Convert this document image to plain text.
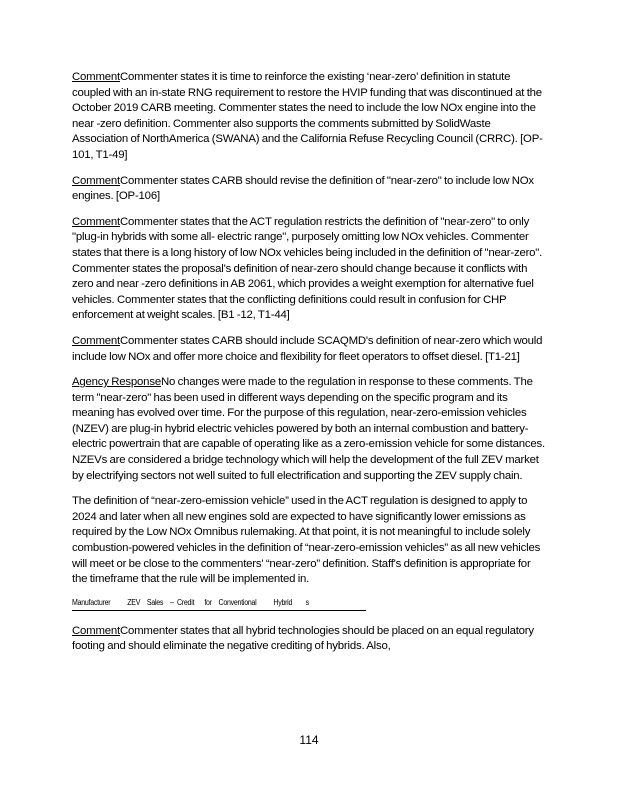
CommentCommenter states it is time to reinforce the existing ‘near-zero’ definition in statute coupled with an in-state RNG requirement to restore the HVIP funding that was discontinued at the October 2019 CARB meeting. Commenter states the need to include the low NOx engine into the near -zero definition. Commenter also supports the comments submitted by SolidWaste Association of NorthAmerica (SWANA) and the California Refuse Recycling Council (CRRC). [OP-101, T1-49]

CommentCommenter states CARB should revise the definition of "near-zero" to include low NOx engines. [OP-106]

CommentCommenter states that the ACT regulation restricts the definition of "near-zero" to only "plug-in hybrids with some all- electric range", purposely omitting low NOx vehicles. Commenter states that there is a long history of low NOx vehicles being included in the definition of "near-zero". Commenter states the proposal's definition of near-zero should change because it conflicts with zero and near -zero definitions in AB 2061, which provides a weight exemption for alternative fuel vehicles. Commenter states that the conflicting definitions could result in confusion for CHP enforcement at weight scales. [B1 -12, T1-44]

CommentCommenter states CARB should include SCAQMD's definition of near-zero which would include low NOx and offer more choice and flexibility for fleet operators to offset diesel. [T1-21]

Agency ResponseNo changes were made to the regulation in response to these comments. The term "near-zero" has been used in different ways depending on the specific program and its meaning has evolved over time. For the purpose of this regulation, near-zero-emission vehicles (NZEV) are plug-in hybrid electric vehicles powered by both an internal combustion and battery- electric powertrain that are capable of operating like as a zero-emission vehicle for some distances. NZEVs are considered a bridge technology which will help the development of the full ZEV market by electrifying sectors not well suited to full electrification and supporting the ZEV supply chain.

The definition of “near-zero-emission vehicle” used in the ACT regulation is designed to apply to 2024 and later when all new engines sold are expected to have significantly lower emissions as required by the Low NOx Omnibus rulemaking. At that point, it is not meaningful to include solely combustion-powered vehicles in the definition of “near-zero-emission vehicles” as all new vehicles will meet or be close to the commenters' “near-zero” definition. Staff's definition is appropriate for the timeframe that the rule will be implemented in.

Manufacturer          ZEV    Sales    –  Credit      for    Conventional          Hybrid        s

CommentCommenter states that all hybrid technologies should be placed on an equal regulatory footing and should eliminate the negative crediting of hybrids. Also,

114
